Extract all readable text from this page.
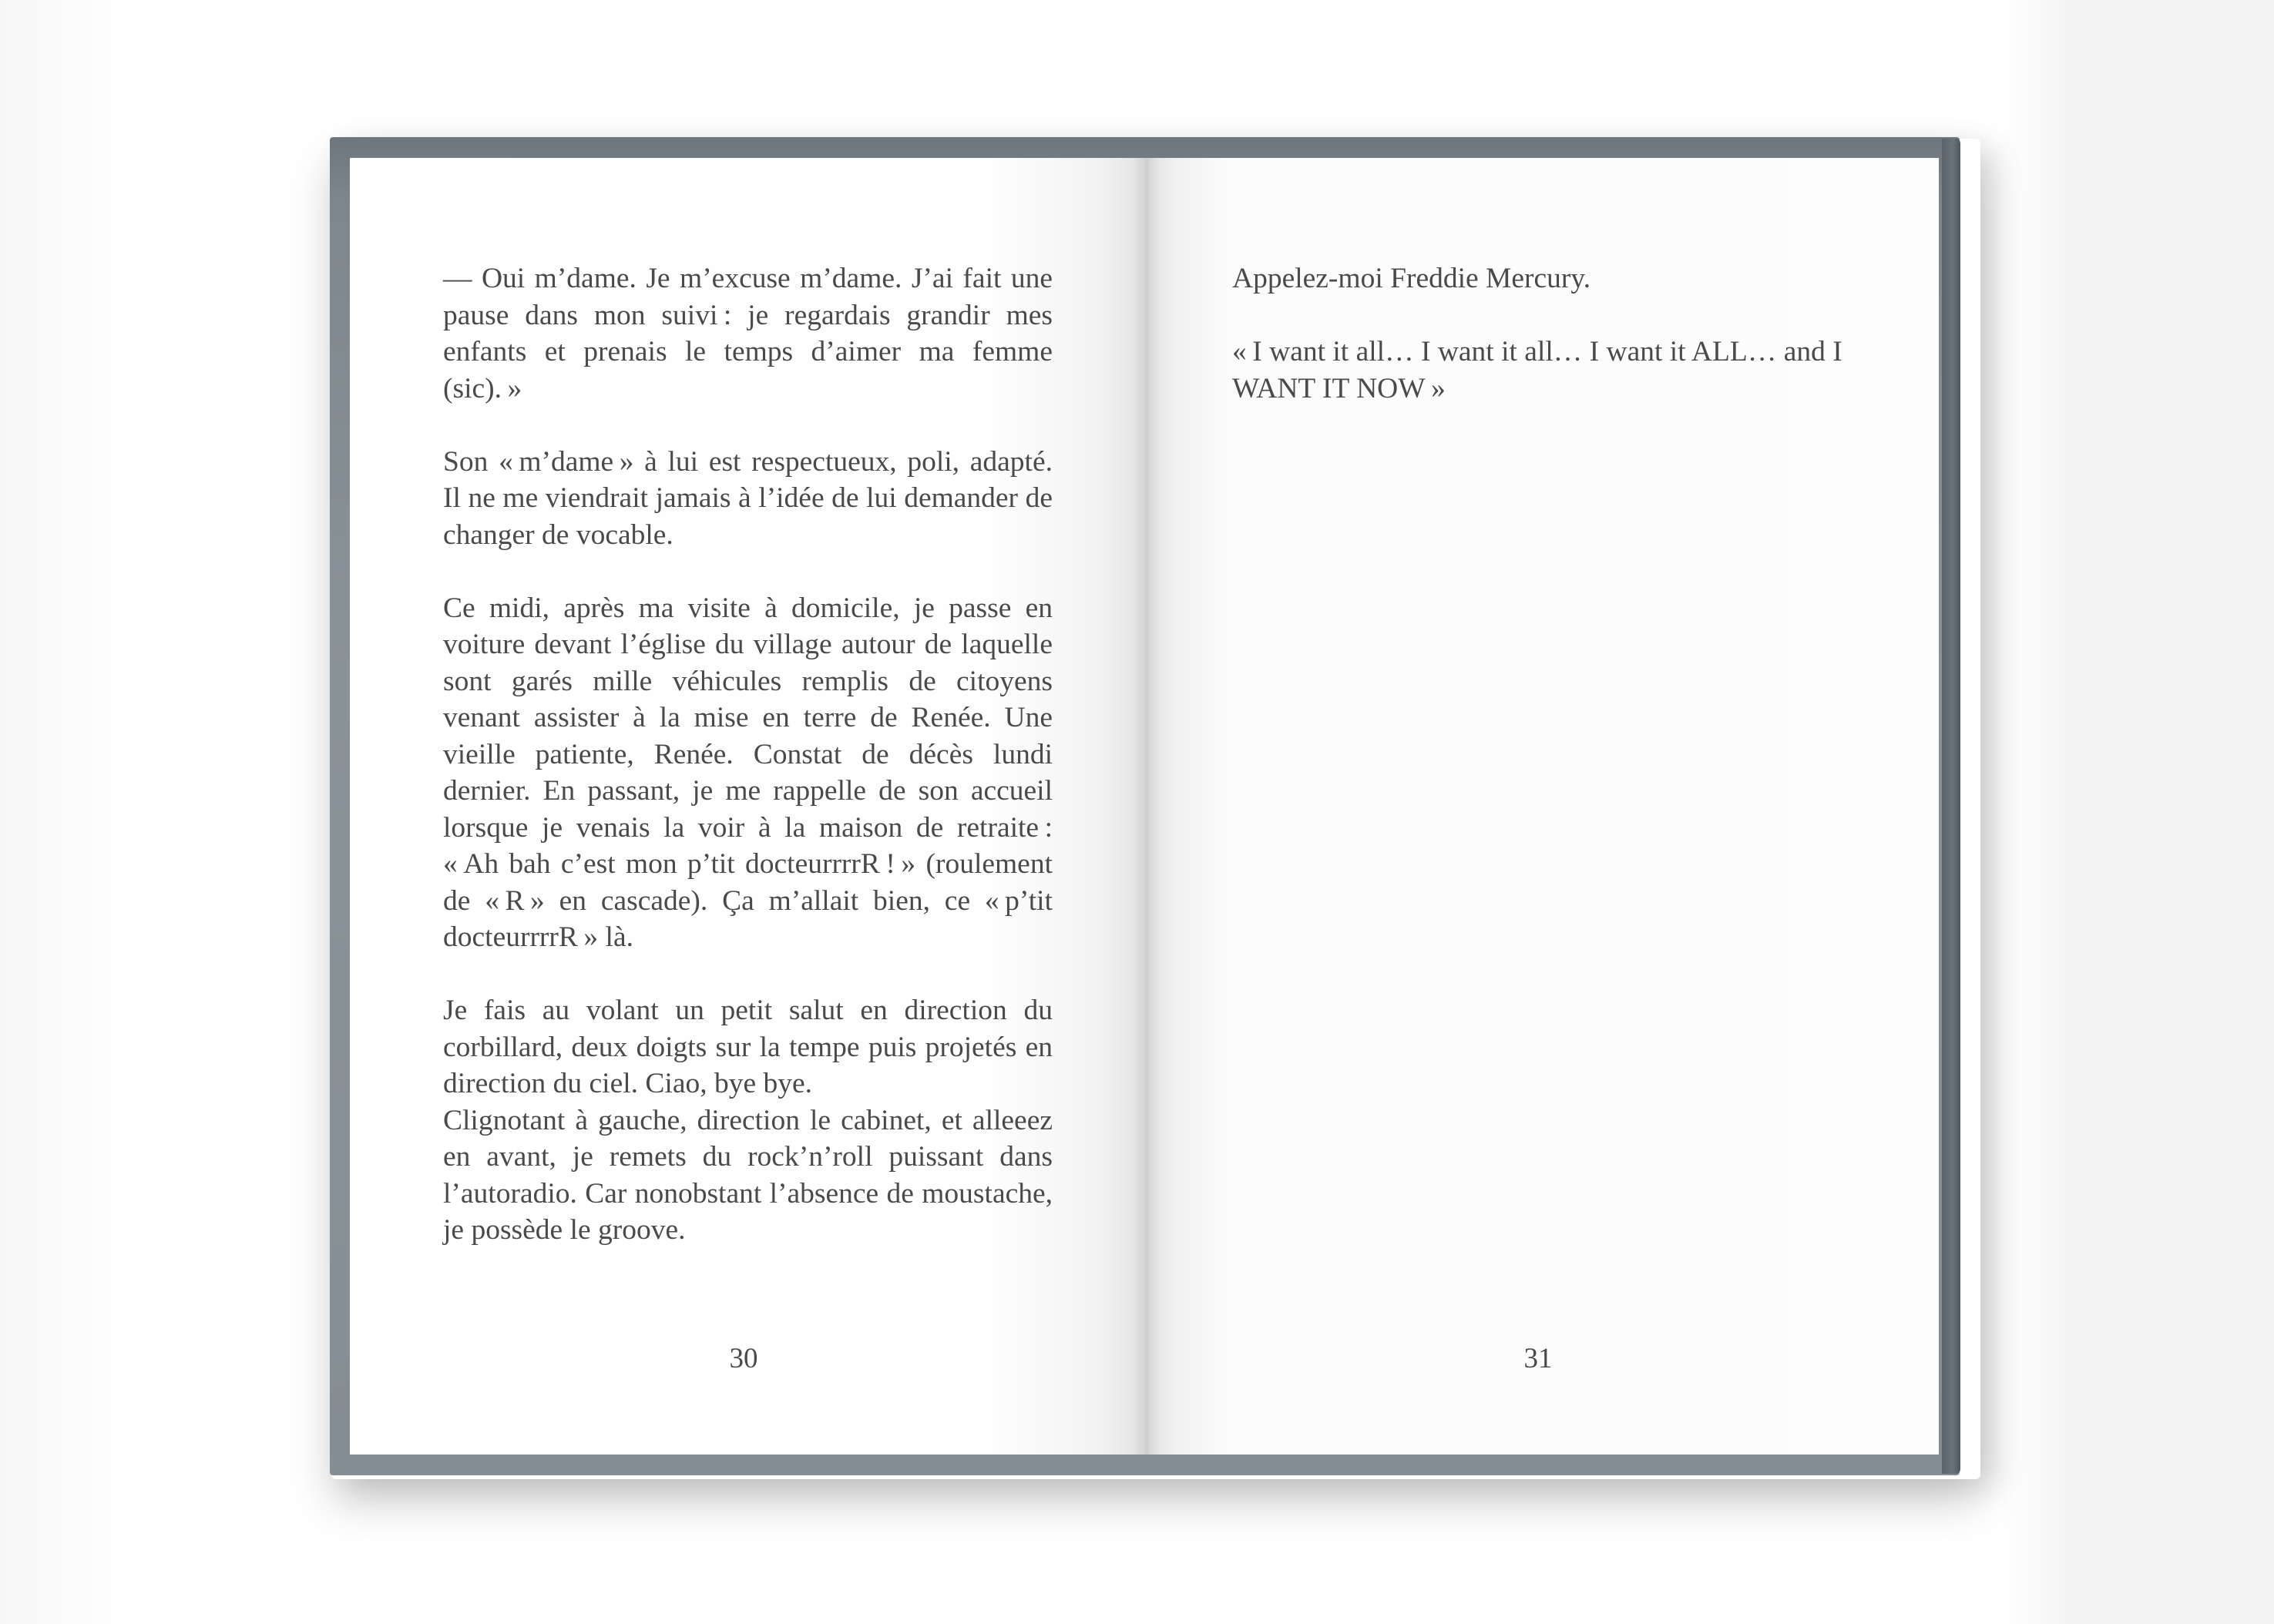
— Oui m’dame. Je m’excuse m’dame. J’ai fait une pause dans mon suivi : je regardais grandir mes enfants et prenais le temps d’aimer ma femme (sic). »

Son « m’dame » à lui est respectueux, poli, adapté. Il ne me viendrait jamais à l’idée de lui demander de changer de vocable.

Ce midi, après ma visite à domicile, je passe en voiture devant l’église du village autour de laquelle sont garés mille véhicules remplis de citoyens venant assister à la mise en terre de Renée. Une vieille patiente, Renée. Constat de décès lundi dernier. En passant, je me rappelle de son accueil lorsque je venais la voir à la maison de retraite : « Ah bah c’est mon p’tit docteurrrrR ! » (roulement de « R » en cascade). Ça m’allait bien, ce « p’tit docteurrrrR » là.

Je fais au volant un petit salut en direction du corbillard, deux doigts sur la tempe puis projetés en direction du ciel. Ciao, bye bye.

Clignotant à gauche, direction le cabinet, et alleeez en avant, je remets du rock’n’roll puissant dans l’autoradio. Car nonobstant l’absence de moustache, je possède le groove.

Appelez-moi Freddie Mercury.

« I want it all… I want it all… I want it ALL… and I WANT IT NOW »

30	31
